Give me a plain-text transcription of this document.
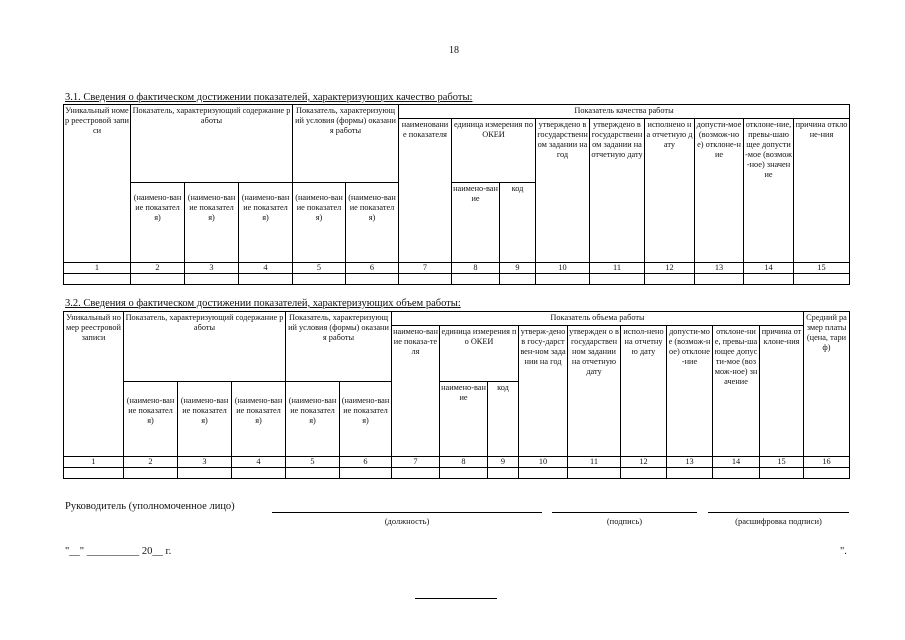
18
3.1. Сведения о фактическом достижении показателей, характеризующих качество работы:
Уникальный номер реестровой записи	Показатель, характеризующий содержание работы			Показатель, характеризующий условия (формы) оказания работы		Показатель качества работы								
						наименование показателя	единица измерения по ОКЕИ		утверждено в государственном задании на год	утверждено в государственном задании на отчетную дату	исполнено на отчетную дату	допусти-мое (возмож-ное) отклоне-ние	отклоне-ние, превы-шающее допусти-мое (возмож-ное) значение	причина отклоне-ния
	(наимено-вание показателя)	(наимено-вание показателя)	(наимено-вание показателя)	(наимено-вание показателя)	(наимено-вание показателя)		наимено-вание	код						
1	2	3	4	5	6	7	8	9	10	11	12	13	14	15

3.2. Сведения о фактическом достижении показателей, характеризующих объем работы:
Уникальный номер реестровой записи	Показатель, характеризующий содержание работы			Показатель, характеризующий условия (формы) оказания работы		Показатель объема работы									Средний размер платы (цена, тариф)
						наимено-вание показа-теля	единица измерения по ОКЕИ		утверж-дено в госу-дарствен-ном задании на год	утвержден о в государственном задании на отчетную дату	испол-нено на отчетную дату	допусти-мое (возмож-ное) отклоне-ние	отклоне-ние, превы-шающее допусти-мое (возмож-ное) значение	причина отклоне-ния	
	(наимено-вание показателя)	(наимено-вание показателя)	(наимено-вание показателя)	(наимено-вание показателя)	(наимено-вание показателя)		наимено-вание	код							
1	2	3	4	5	6	7	8	9	10	11	12	13	14	15	16

Руководитель (уполномоченное лицо)
(должность)	(подпись)	(расшифровка подписи)
"__" __________ 20__ г.	".
